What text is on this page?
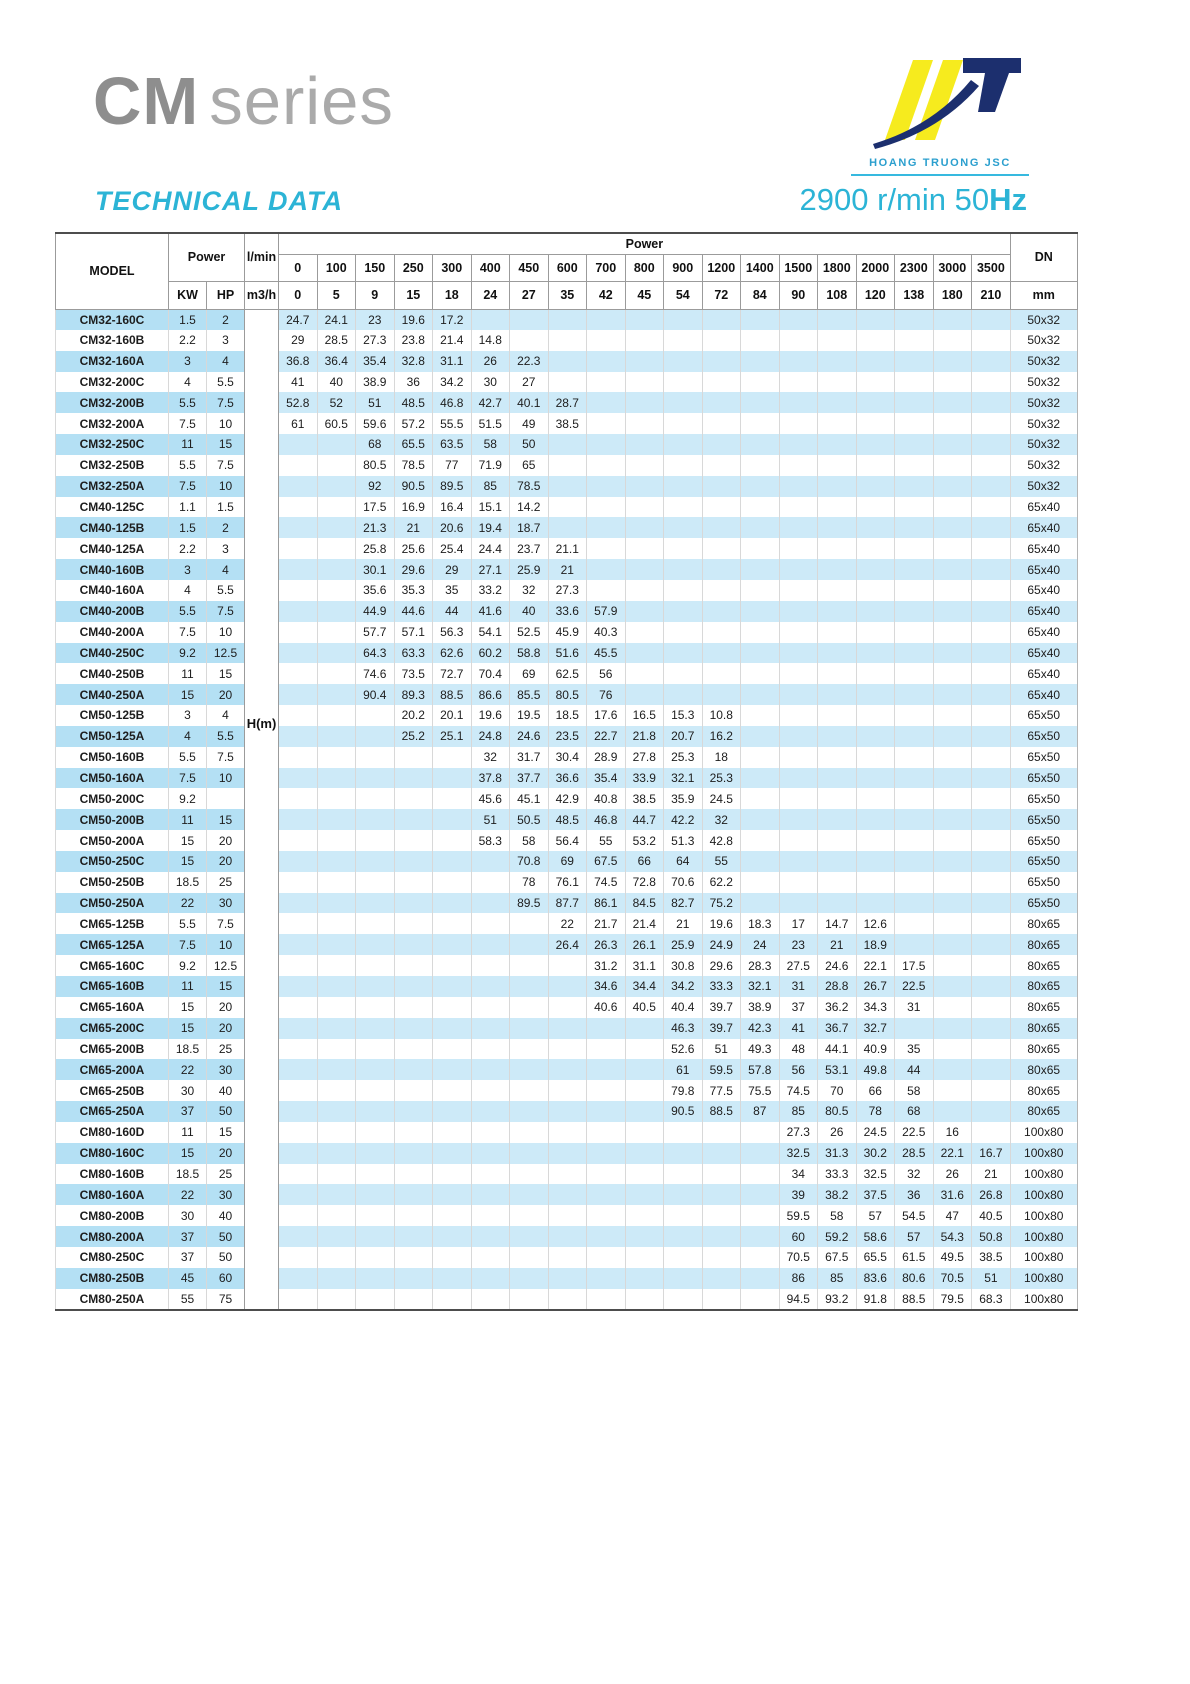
CM series
TECHNICAL DATA	2900 r/min 50Hz
HOANG TRUONG JSC
MODEL	Power		l/min	Power																			DN
				0	100	150	250	300	400	450	600	700	800	900	1200	1400	1500	1800	2000	2300	3000	3500	
	KW	HP	m3/h	0	5	9	15	18	24	27	35	42	45	54	72	84	90	108	120	138	180	210	mm
CM32-160C	1.5	2	H(m)	24.7	24.1	23	19.6	17.2															50x32
CM32-160B	2.2	3		29	28.5	27.3	23.8	21.4	14.8														50x32
CM32-160A	3	4		36.8	36.4	35.4	32.8	31.1	26	22.3													50x32
CM32-200C	4	5.5		41	40	38.9	36	34.2	30	27													50x32
CM32-200B	5.5	7.5		52.8	52	51	48.5	46.8	42.7	40.1	28.7												50x32
CM32-200A	7.5	10		61	60.5	59.6	57.2	55.5	51.5	49	38.5												50x32
CM32-250C	11	15				68	65.5	63.5	58	50													50x32
CM32-250B	5.5	7.5				80.5	78.5	77	71.9	65													50x32
CM32-250A	7.5	10				92	90.5	89.5	85	78.5													50x32
CM40-125C	1.1	1.5				17.5	16.9	16.4	15.1	14.2													65x40
CM40-125B	1.5	2				21.3	21	20.6	19.4	18.7													65x40
CM40-125A	2.2	3				25.8	25.6	25.4	24.4	23.7	21.1												65x40
CM40-160B	3	4				30.1	29.6	29	27.1	25.9	21												65x40
CM40-160A	4	5.5				35.6	35.3	35	33.2	32	27.3												65x40
CM40-200B	5.5	7.5				44.9	44.6	44	41.6	40	33.6	57.9											65x40
CM40-200A	7.5	10				57.7	57.1	56.3	54.1	52.5	45.9	40.3											65x40
CM40-250C	9.2	12.5				64.3	63.3	62.6	60.2	58.8	51.6	45.5											65x40
CM40-250B	11	15				74.6	73.5	72.7	70.4	69	62.5	56											65x40
CM40-250A	15	20				90.4	89.3	88.5	86.6	85.5	80.5	76											65x40
CM50-125B	3	4					20.2	20.1	19.6	19.5	18.5	17.6	16.5	15.3	10.8								65x50
CM50-125A	4	5.5					25.2	25.1	24.8	24.6	23.5	22.7	21.8	20.7	16.2								65x50
CM50-160B	5.5	7.5							32	31.7	30.4	28.9	27.8	25.3	18								65x50
CM50-160A	7.5	10							37.8	37.7	36.6	35.4	33.9	32.1	25.3								65x50
CM50-200C	9.2								45.6	45.1	42.9	40.8	38.5	35.9	24.5								65x50
CM50-200B	11	15							51	50.5	48.5	46.8	44.7	42.2	32								65x50
CM50-200A	15	20							58.3	58	56.4	55	53.2	51.3	42.8								65x50
CM50-250C	15	20								70.8	69	67.5	66	64	55								65x50
CM50-250B	18.5	25								78	76.1	74.5	72.8	70.6	62.2								65x50
CM50-250A	22	30								89.5	87.7	86.1	84.5	82.7	75.2								65x50
CM65-125B	5.5	7.5									22	21.7	21.4	21	19.6	18.3	17	14.7	12.6				80x65
CM65-125A	7.5	10									26.4	26.3	26.1	25.9	24.9	24	23	21	18.9				80x65
CM65-160C	9.2	12.5										31.2	31.1	30.8	29.6	28.3	27.5	24.6	22.1	17.5			80x65
CM65-160B	11	15										34.6	34.4	34.2	33.3	32.1	31	28.8	26.7	22.5			80x65
CM65-160A	15	20										40.6	40.5	40.4	39.7	38.9	37	36.2	34.3	31			80x65
CM65-200C	15	20												46.3	39.7	42.3	41	36.7	32.7				80x65
CM65-200B	18.5	25												52.6	51	49.3	48	44.1	40.9	35			80x65
CM65-200A	22	30												61	59.5	57.8	56	53.1	49.8	44			80x65
CM65-250B	30	40												79.8	77.5	75.5	74.5	70	66	58			80x65
CM65-250A	37	50												90.5	88.5	87	85	80.5	78	68			80x65
CM80-160D	11	15															27.3	26	24.5	22.5	16		100x80
CM80-160C	15	20															32.5	31.3	30.2	28.5	22.1	16.7	100x80
CM80-160B	18.5	25															34	33.3	32.5	32	26	21	100x80
CM80-160A	22	30															39	38.2	37.5	36	31.6	26.8	100x80
CM80-200B	30	40															59.5	58	57	54.5	47	40.5	100x80
CM80-200A	37	50															60	59.2	58.6	57	54.3	50.8	100x80
CM80-250C	37	50															70.5	67.5	65.5	61.5	49.5	38.5	100x80
CM80-250B	45	60															86	85	83.6	80.6	70.5	51	100x80
CM80-250A	55	75															94.5	93.2	91.8	88.5	79.5	68.3	100x80
